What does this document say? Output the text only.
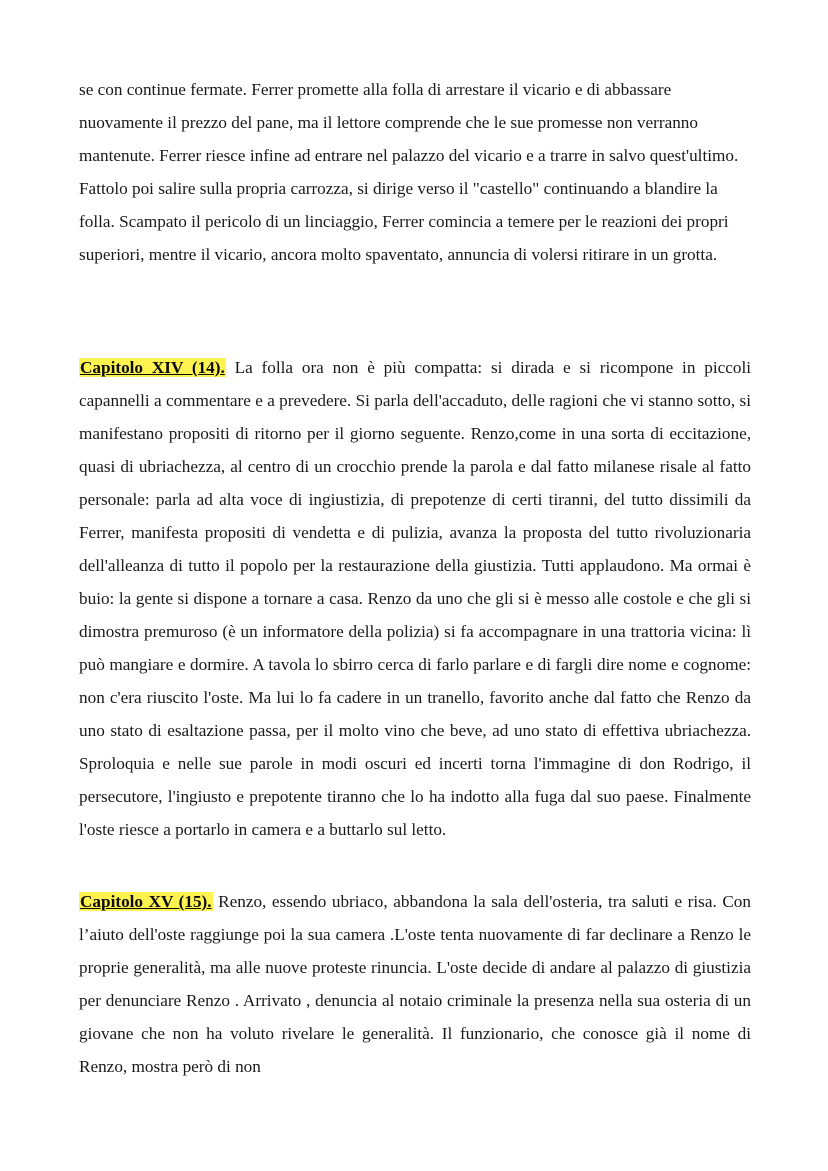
se con continue fermate. Ferrer promette alla folla di arrestare il vicario e di abbassare nuovamente il prezzo del pane, ma il lettore comprende che le sue promesse non verranno mantenute. Ferrer riesce infine ad entrare nel palazzo del vicario e a trarre in salvo quest'ultimo. Fattolo poi salire sulla propria carrozza, si dirige verso il "castello" continuando a blandire la folla. Scampato il pericolo di un linciaggio, Ferrer comincia a temere per le reazioni dei propri superiori, mentre il vicario, ancora molto spaventato, annuncia di volersi ritirare in un grotta.

Capitolo XIV (14). La folla ora non è più compatta: si dirada e si ricompone in piccoli capannelli a commentare e a prevedere. Si parla dell'accaduto, delle ragioni che vi stanno sotto, si manifestano propositi di ritorno per il giorno seguente. Renzo,come in una sorta di eccitazione, quasi di ubriachezza, al centro di un crocchio prende la parola e dal fatto milanese risale al fatto personale: parla ad alta voce di ingiustizia, di prepotenze di certi tiranni, del tutto dissimili da Ferrer, manifesta propositi di vendetta e di pulizia, avanza la proposta del tutto rivoluzionaria dell'alleanza di tutto il popolo per la restaurazione della giustizia. Tutti applaudono. Ma ormai è buio: la gente si dispone a tornare a casa. Renzo da uno che gli si è messo alle costole e che gli si dimostra premuroso (è un informatore della polizia) si fa accompagnare in una trattoria vicina: lì può mangiare e dormire. A tavola lo sbirro cerca di farlo parlare e di fargli dire nome e cognome: non c'era riuscito l'oste. Ma lui lo fa cadere in un tranello, favorito anche dal fatto che Renzo da uno stato di esaltazione passa, per il molto vino che beve, ad uno stato di effettiva ubriachezza. Sproloquia e nelle sue parole in modi oscuri ed incerti torna l'immagine di don Rodrigo, il persecutore, l'ingiusto e prepotente tiranno che lo ha indotto alla fuga dal suo paese. Finalmente l'oste riesce a portarlo in camera e a buttarlo sul letto.

Capitolo XV (15). Renzo, essendo ubriaco, abbandona la sala dell'osteria, tra saluti e risa. Con l’aiuto dell'oste raggiunge poi la sua camera .L'oste tenta nuovamente di far declinare a Renzo le proprie generalità, ma alle nuove proteste rinuncia. L'oste decide di andare al palazzo di giustizia per denunciare Renzo . Arrivato , denuncia al notaio criminale la presenza nella sua osteria di un giovane che non ha voluto rivelare le generalità. Il funzionario, che conosce già il nome di Renzo, mostra però di non
